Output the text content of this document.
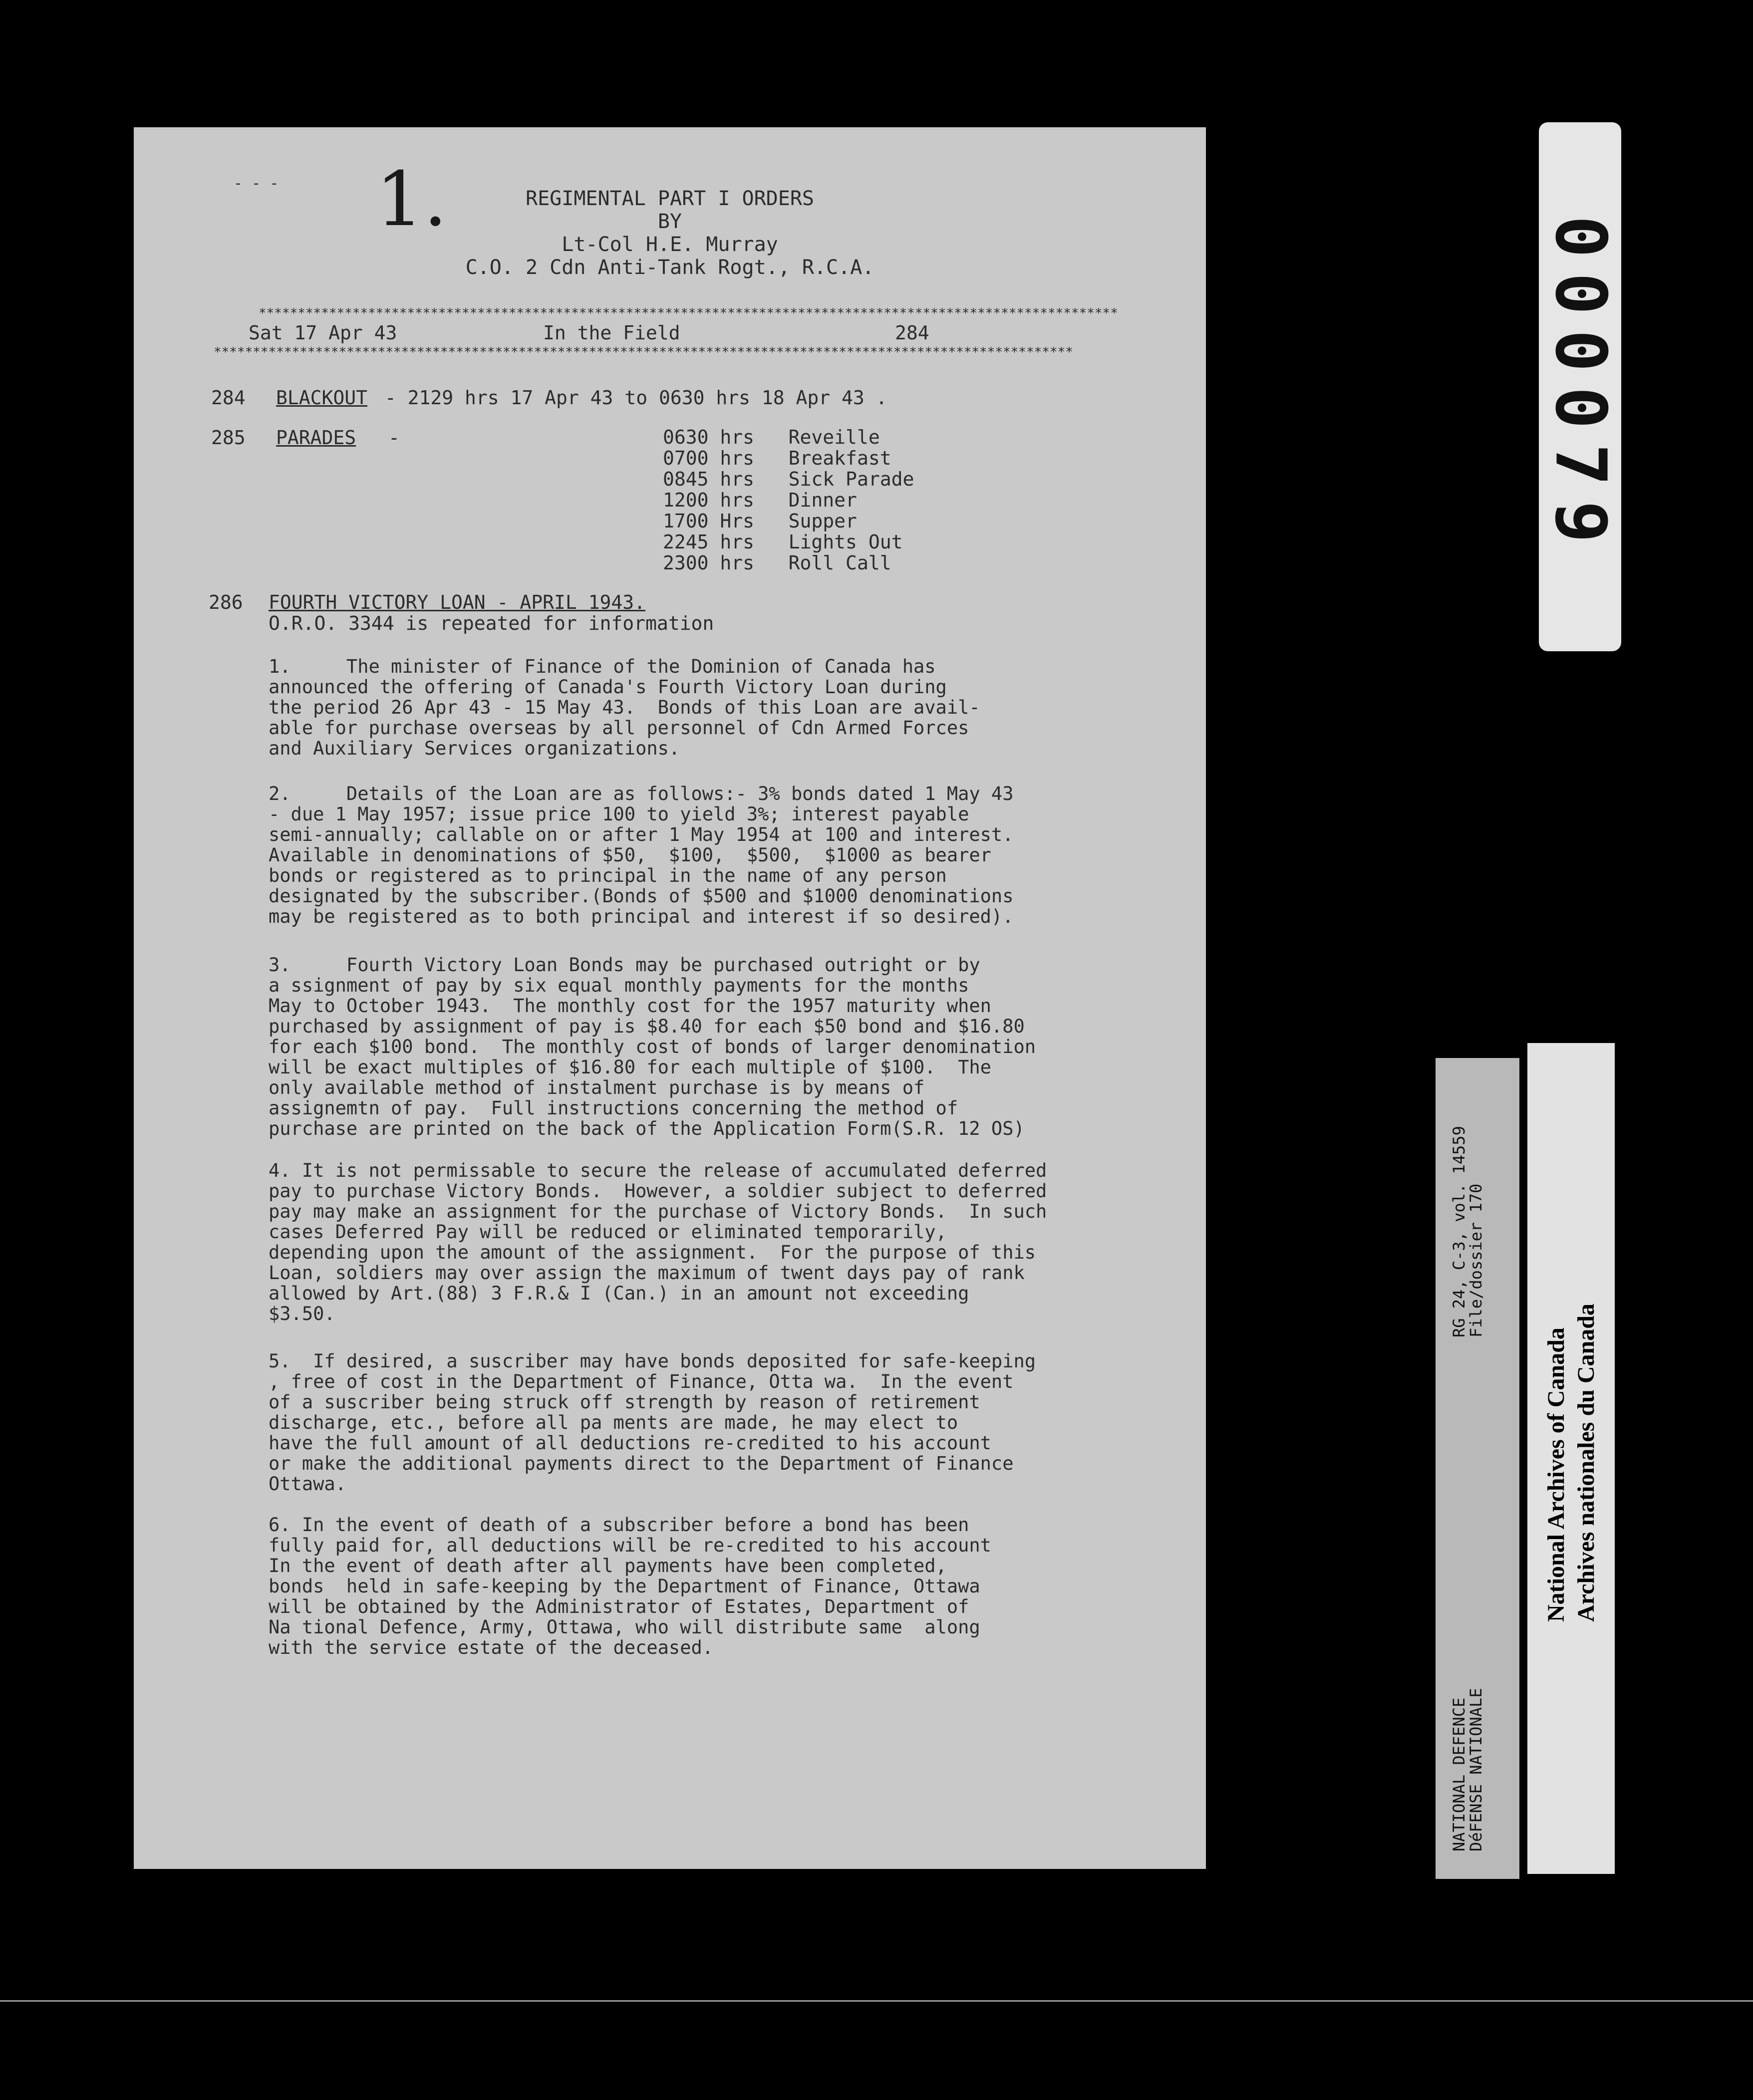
- - - 1.	REGIMENTAL PART I ORDERS
BY
Lt-Col H.E. Murray
C.O. 2 Cdn Anti-Tank Rogt., R.C.A.
**************************************************************************************************************
Sat 17 Apr 43	In the Field	284
**************************************************************************************************************
284 BLACKOUT - 2129 hrs 17 Apr 43 to 0630 hrs 18 Apr 43 .
285 PARADES -	0630 hrs Reveille
0700 hrs Breakfast
0845 hrs Sick Parade
1200 hrs Dinner
1700 Hrs Supper
2245 hrs Lights Out
2300 hrs Roll Call
286 FOURTH VICTORY LOAN - APRIL 1943.
O.R.O. 3344 is repeated for information
1.     The minister of Finance of the Dominion of Canada has
announced the offering of Canada's Fourth Victory Loan during
the period 26 Apr 43 - 15 May 43.  Bonds of this Loan are avail-
able for purchase overseas by all personnel of Cdn Armed Forces
and Auxiliary Services organizations.
2.     Details of the Loan are as follows:- 3% bonds dated 1 May 43
- due 1 May 1957; issue price 100 to yield 3%; interest payable
semi-annually; callable on or after 1 May 1954 at 100 and interest.
Available in denominations of $50,  $100,  $500,  $1000 as bearer
bonds or registered as to principal in the name of any person
designated by the subscriber.(Bonds of $500 and $1000 denominations
may be registered as to both principal and interest if so desired).
3.     Fourth Victory Loan Bonds may be purchased outright or by
a ssignment of pay by six equal monthly payments for the months
May to October 1943.  The monthly cost for the 1957 maturity when
purchased by assignment of pay is $8.40 for each $50 bond and $16.80
for each $100 bond.  The monthly cost of bonds of larger denomination
will be exact multiples of $16.80 for each multiple of $100.  The
only available method of instalment purchase is by means of
assignemtn of pay.  Full instructions concerning the method of
purchase are printed on the back of the Application Form(S.R. 12 OS)
4. It is not permissable to secure the release of accumulated deferred
pay to purchase Victory Bonds.  However, a soldier subject to deferred
pay may make an assignment for the purchase of Victory Bonds.  In such
cases Deferred Pay will be reduced or eliminated temporarily,
depending upon the amount of the assignment.  For the purpose of this
Loan, soldiers may over assign the maximum of twent days pay of rank
allowed by Art.(88) 3 F.R.& I (Can.) in an amount not exceeding
$3.50.
5.  If desired, a suscriber may have bonds deposited for safe-keeping
, free of cost in the Department of Finance, Otta wa.  In the event
of a suscriber being struck off strength by reason of retirement
discharge, etc., before all pa ments are made, he may elect to
have the full amount of all deductions re-credited to his account
or make the additional payments direct to the Department of Finance
Ottawa.
6. In the event of death of a subscriber before a bond has been
fully paid for, all deductions will be re-credited to his account
In the event of death after all payments have been completed,
bonds  held in safe-keeping by the Department of Finance, Ottawa
will be obtained by the Administrator of Estates, Department of
Na tional Defence, Army, Ottawa, who will distribute same  along
with the service estate of the deceased.
000079
NATIONAL DEFENCE
DéFENSE NATIONALE
RG 24, C-3, vol. 14559
File/dossier 170
National Archives of Canada Archives nationales du Canada
